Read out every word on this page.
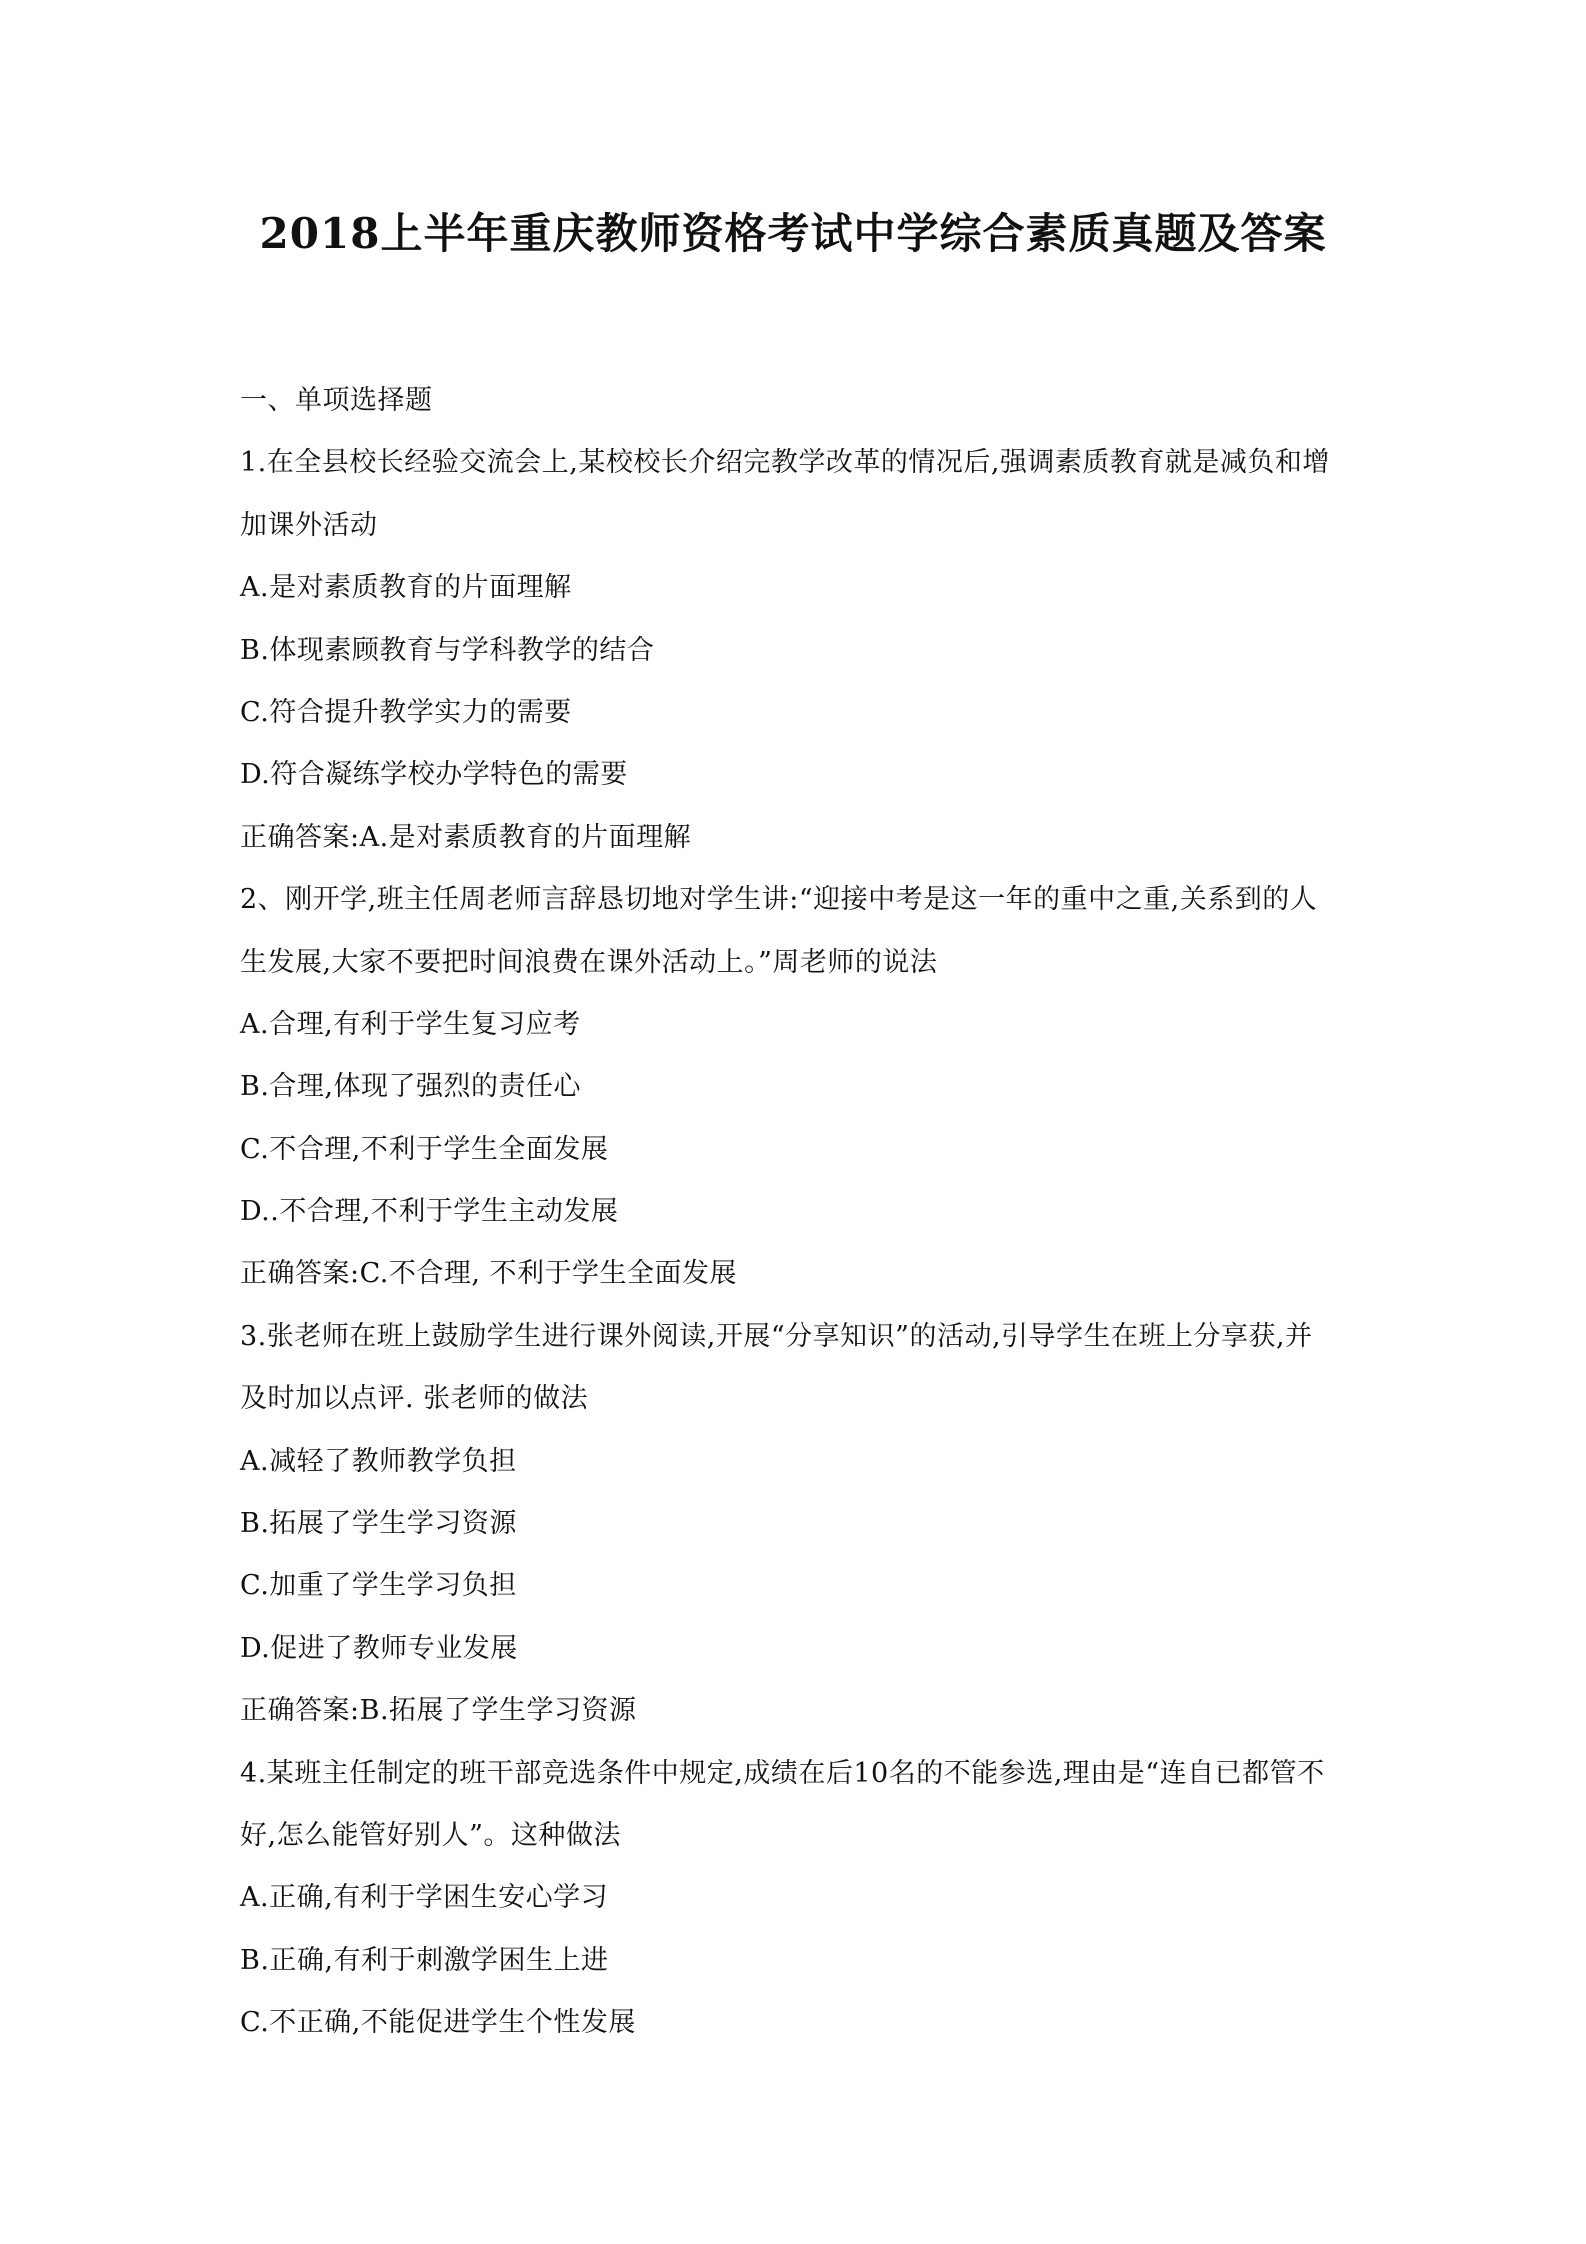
2018上半年重庆教师资格考试中学综合素质真题及答案
一、单项选择题
1.在全县校长经验交流会上,某校校长介绍完教学改革的情况后,强调素质教育就是减负和增
加课外活动
A.是对素质教育的片面理解
B.体现素顾教育与学科教学的结合
C.符合提升教学实力的需要
D.符合凝练学校办学特色的需要
正确答案:A.是对素质教育的片面理解
2、刚开学,班主任周老师言辞恳切地对学生讲:“迎接中考是这一年的重中之重,关系到的人
生发展,大家不要把时间浪费在课外活动上。”周老师的说法
A.合理,有利于学生复习应考
B.合理,体现了强烈的责任心
C.不合理,不利于学生全面发展
D..不合理,不利于学生主动发展
正确答案:C.不合理, 不利于学生全面发展
3.张老师在班上鼓励学生进行课外阅读,开展“分享知识”的活动,引导学生在班上分享获,并
及时加以点评. 张老师的做法
A.减轻了教师教学负担
B.拓展了学生学习资源
C.加重了学生学习负担
D.促进了教师专业发展
正确答案:B.拓展了学生学习资源
4.某班主任制定的班干部竞选条件中规定,成绩在后10名的不能参选,理由是“连自已都管不
好,怎么能管好别人”。这种做法
A.正确,有利于学困生安心学习
B.正确,有利于刺激学困生上进
C.不正确,不能促进学生个性发展
